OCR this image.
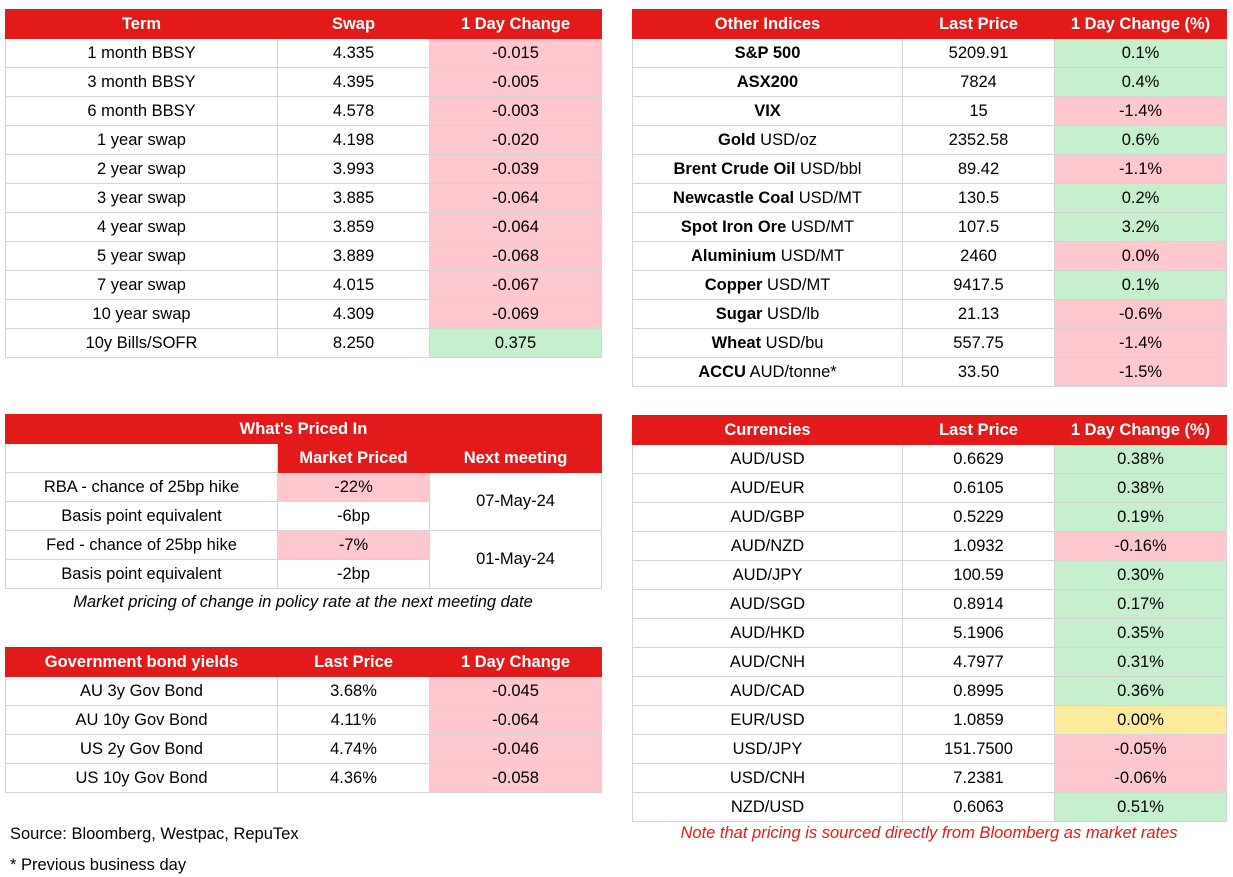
Term	Swap	1 Day Change
1 month BBSY	4.335	-0.015
3 month BBSY	4.395	-0.005
6 month BBSY	4.578	-0.003
1 year swap	4.198	-0.020
2 year swap	3.993	-0.039
3 year swap	3.885	-0.064
4 year swap	3.859	-0.064
5 year swap	3.889	-0.068
7 year swap	4.015	-0.067
10 year swap	4.309	-0.069
10y Bills/SOFR	8.250	0.375
Other Indices	Last Price	1 Day Change (%)
S&P 500	5209.91	0.1%
ASX200	7824	0.4%
VIX	15	-1.4%
Gold USD/oz	2352.58	0.6%
Brent Crude Oil USD/bbl	89.42	-1.1%
Newcastle Coal USD/MT	130.5	0.2%
Spot Iron Ore USD/MT	107.5	3.2%
Aluminium USD/MT	2460	0.0%
Copper USD/MT	9417.5	0.1%
Sugar USD/lb	21.13	-0.6%
Wheat USD/bu	557.75	-1.4%
ACCU AUD/tonne*	33.50	-1.5%
What's Priced In		
	Market Priced	Next meeting
RBA - chance of 25bp hike	-22%	07-May-24
Basis point equivalent	-6bp	
Fed - chance of 25bp hike	-7%	01-May-24
Basis point equivalent	-2bp	
Market pricing of change in policy rate at the next meeting date
Government bond yields	Last Price	1 Day Change
AU 3y Gov Bond	3.68%	-0.045
AU 10y Gov Bond	4.11%	-0.064
US 2y Gov Bond	4.74%	-0.046
US 10y Gov Bond	4.36%	-0.058
Currencies	Last Price	1 Day Change (%)
AUD/USD	0.6629	0.38%
AUD/EUR	0.6105	0.38%
AUD/GBP	0.5229	0.19%
AUD/NZD	1.0932	-0.16%
AUD/JPY	100.59	0.30%
AUD/SGD	0.8914	0.17%
AUD/HKD	5.1906	0.35%
AUD/CNH	4.7977	0.31%
AUD/CAD	0.8995	0.36%
EUR/USD	1.0859	0.00%
USD/JPY	151.7500	-0.05%
USD/CNH	7.2381	-0.06%
NZD/USD	0.6063	0.51%
Source: Bloomberg, Westpac, RepuTex
* Previous business day
Note that pricing is sourced directly from Bloomberg as market rates
